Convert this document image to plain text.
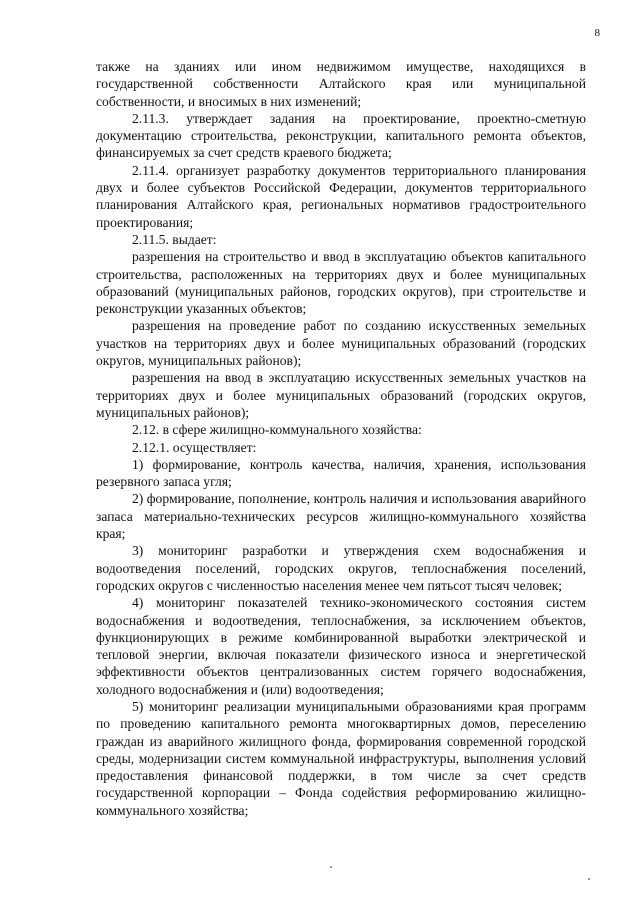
8

также на зданиях или ином недвижимом имуществе, находящихся в государственной собственности Алтайского края или муниципальной собственности, и вносимых в них изменений;

2.11.3. утверждает задания на проектирование, проектно-сметную документацию строительства, реконструкции, капитального ремонта объектов, финансируемых за счет средств краевого бюджета;

2.11.4. организует разработку документов территориального планирования двух и более субъектов Российской Федерации, документов территориального планирования Алтайского края, региональных нормативов градостроительного проектирования;

2.11.5. выдает:

разрешения на строительство и ввод в эксплуатацию объектов капитального строительства, расположенных на территориях двух и более муниципальных образований (муниципальных районов, городских округов), при строительстве и реконструкции указанных объектов;

разрешения на проведение работ по созданию искусственных земельных участков на территориях двух и более муниципальных образований (городских округов, муниципальных районов);

разрешения на ввод в эксплуатацию искусственных земельных участков на территориях двух и более муниципальных образований (городских округов, муниципальных районов);

2.12. в сфере жилищно-коммунального хозяйства:

2.12.1. осуществляет:

1) формирование, контроль качества, наличия, хранения, использования резервного запаса угля;

2) формирование, пополнение, контроль наличия и использования аварийного запаса материально-технических ресурсов жилищно-коммунального хозяйства края;

3) мониторинг разработки и утверждения схем водоснабжения и водоотведения поселений, городских округов, теплоснабжения поселений, городских округов с численностью населения менее чем пятьсот тысяч человек;

4) мониторинг показателей технико-экономического состояния систем водоснабжения и водоотведения, теплоснабжения, за исключением объектов, функционирующих в режиме комбинированной выработки электрической и тепловой энергии, включая показатели физического износа и энергетической эффективности объектов централизованных систем горячего водоснабжения, холодного водоснабжения и (или) водоотведения;

5) мониторинг реализации муниципальными образованиями края программ по проведению капитального ремонта многоквартирных домов, переселению граждан из аварийного жилищного фонда, формирования современной городской среды, модернизации систем коммунальной инфраструктуры, выполнения условий предоставления финансовой поддержки, в том числе за счет средств государственной корпорации – Фонда содействия реформированию жилищно-коммунального хозяйства;
